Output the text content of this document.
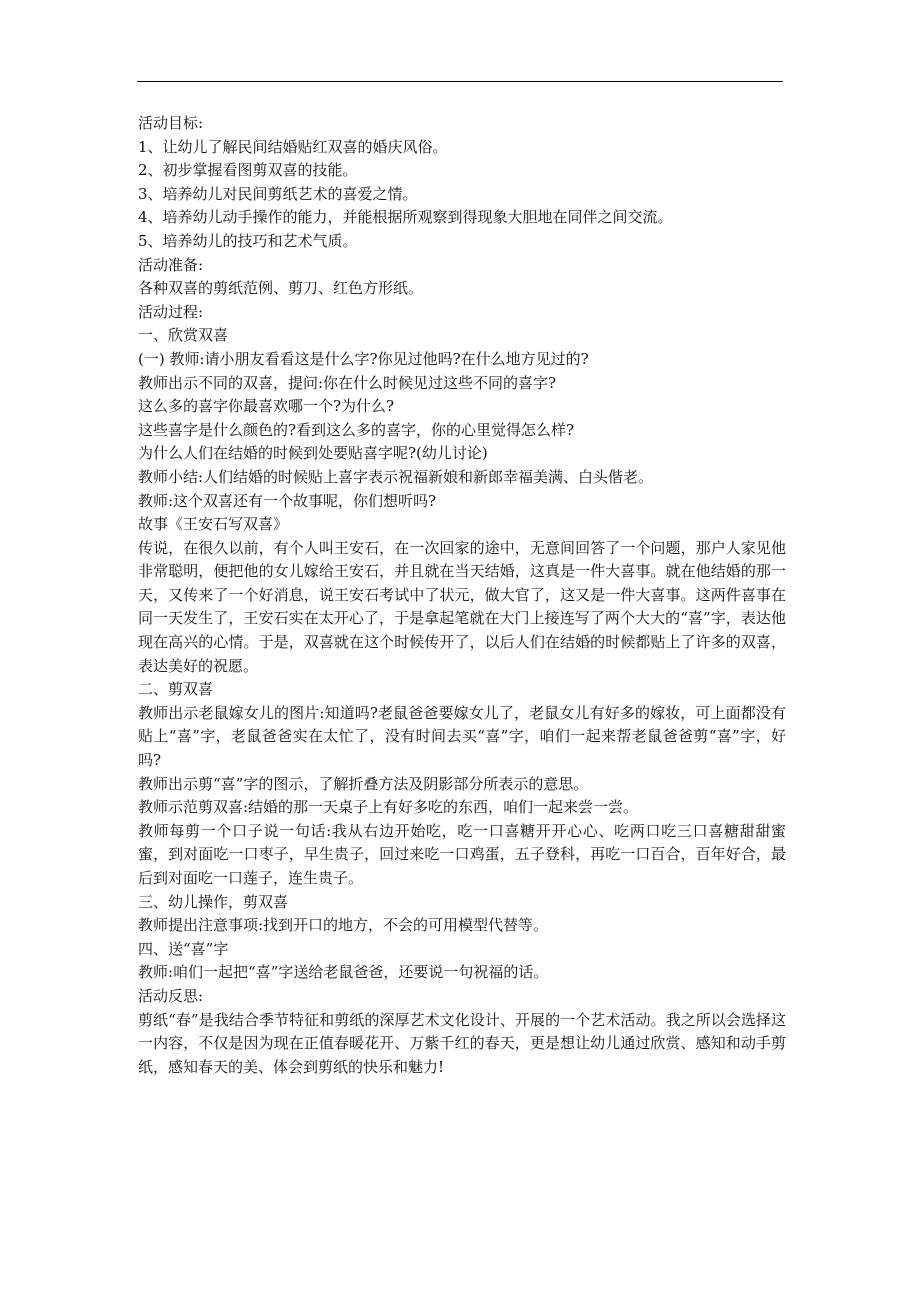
活动目标:

1、让幼儿了解民间结婚贴红双喜的婚庆风俗。

2、初步掌握看图剪双喜的技能。

3、培养幼儿对民间剪纸艺术的喜爱之情。

4、培养幼儿动手操作的能力，并能根据所观察到得现象大胆地在同伴之间交流。

5、培养幼儿的技巧和艺术气质。

活动准备:

各种双喜的剪纸范例、剪刀、红色方形纸。

活动过程:

一、欣赏双喜

(一) 教师:请小朋友看看这是什么字?你见过他吗?在什么地方见过的?

教师出示不同的双喜，提问:你在什么时候见过这些不同的喜字?

这么多的喜字你最喜欢哪一个?为什么?

这些喜字是什么颜色的?看到这么多的喜字，你的心里觉得怎么样?

为什么人们在结婚的时候到处要贴喜字呢?(幼儿讨论)

教师小结:人们结婚的时候贴上喜字表示祝福新娘和新郎幸福美满、白头偕老。

教师:这个双喜还有一个故事呢，你们想听吗?

故事《王安石写双喜》

传说，在很久以前，有个人叫王安石，在一次回家的途中，无意间回答了一个问题，那户人家见他非常聪明，便把他的女儿嫁给王安石，并且就在当天结婚，这真是一件大喜事。就在他结婚的那一天，又传来了一个好消息，说王安石考试中了状元，做大官了，这又是一件大喜事。这两件喜事在同一天发生了，王安石实在太开心了，于是拿起笔就在大门上接连写了两个大大的“喜”字，表达他现在高兴的心情。于是，双喜就在这个时候传开了，以后人们在结婚的时候都贴上了许多的双喜，表达美好的祝愿。

二、剪双喜

教师出示老鼠嫁女儿的图片:知道吗?老鼠爸爸要嫁女儿了，老鼠女儿有好多的嫁妆，可上面都没有贴上“喜”字，老鼠爸爸实在太忙了，没有时间去买“喜”字，咱们一起来帮老鼠爸爸剪“喜”字，好吗?

教师出示剪“喜”字的图示，了解折叠方法及阴影部分所表示的意思。

教师示范剪双喜:结婚的那一天桌子上有好多吃的东西，咱们一起来尝一尝。

教师每剪一个口子说一句话:我从右边开始吃，吃一口喜糖开开心心、吃两口吃三口喜糖甜甜蜜蜜，到对面吃一口枣子，早生贵子，回过来吃一口鸡蛋，五子登科，再吃一口百合，百年好合，最后到对面吃一口莲子，连生贵子。

三、幼儿操作，剪双喜

教师提出注意事项:找到开口的地方，不会的可用模型代替等。

四、送“喜”字

教师:咱们一起把“喜”字送给老鼠爸爸，还要说一句祝福的话。

活动反思:

剪纸“春”是我结合季节特征和剪纸的深厚艺术文化设计、开展的一个艺术活动。我之所以会选择这一内容，不仅是因为现在正值春暖花开、万紫千红的春天，更是想让幼儿通过欣赏、感知和动手剪纸，感知春天的美、体会到剪纸的快乐和魅力!
